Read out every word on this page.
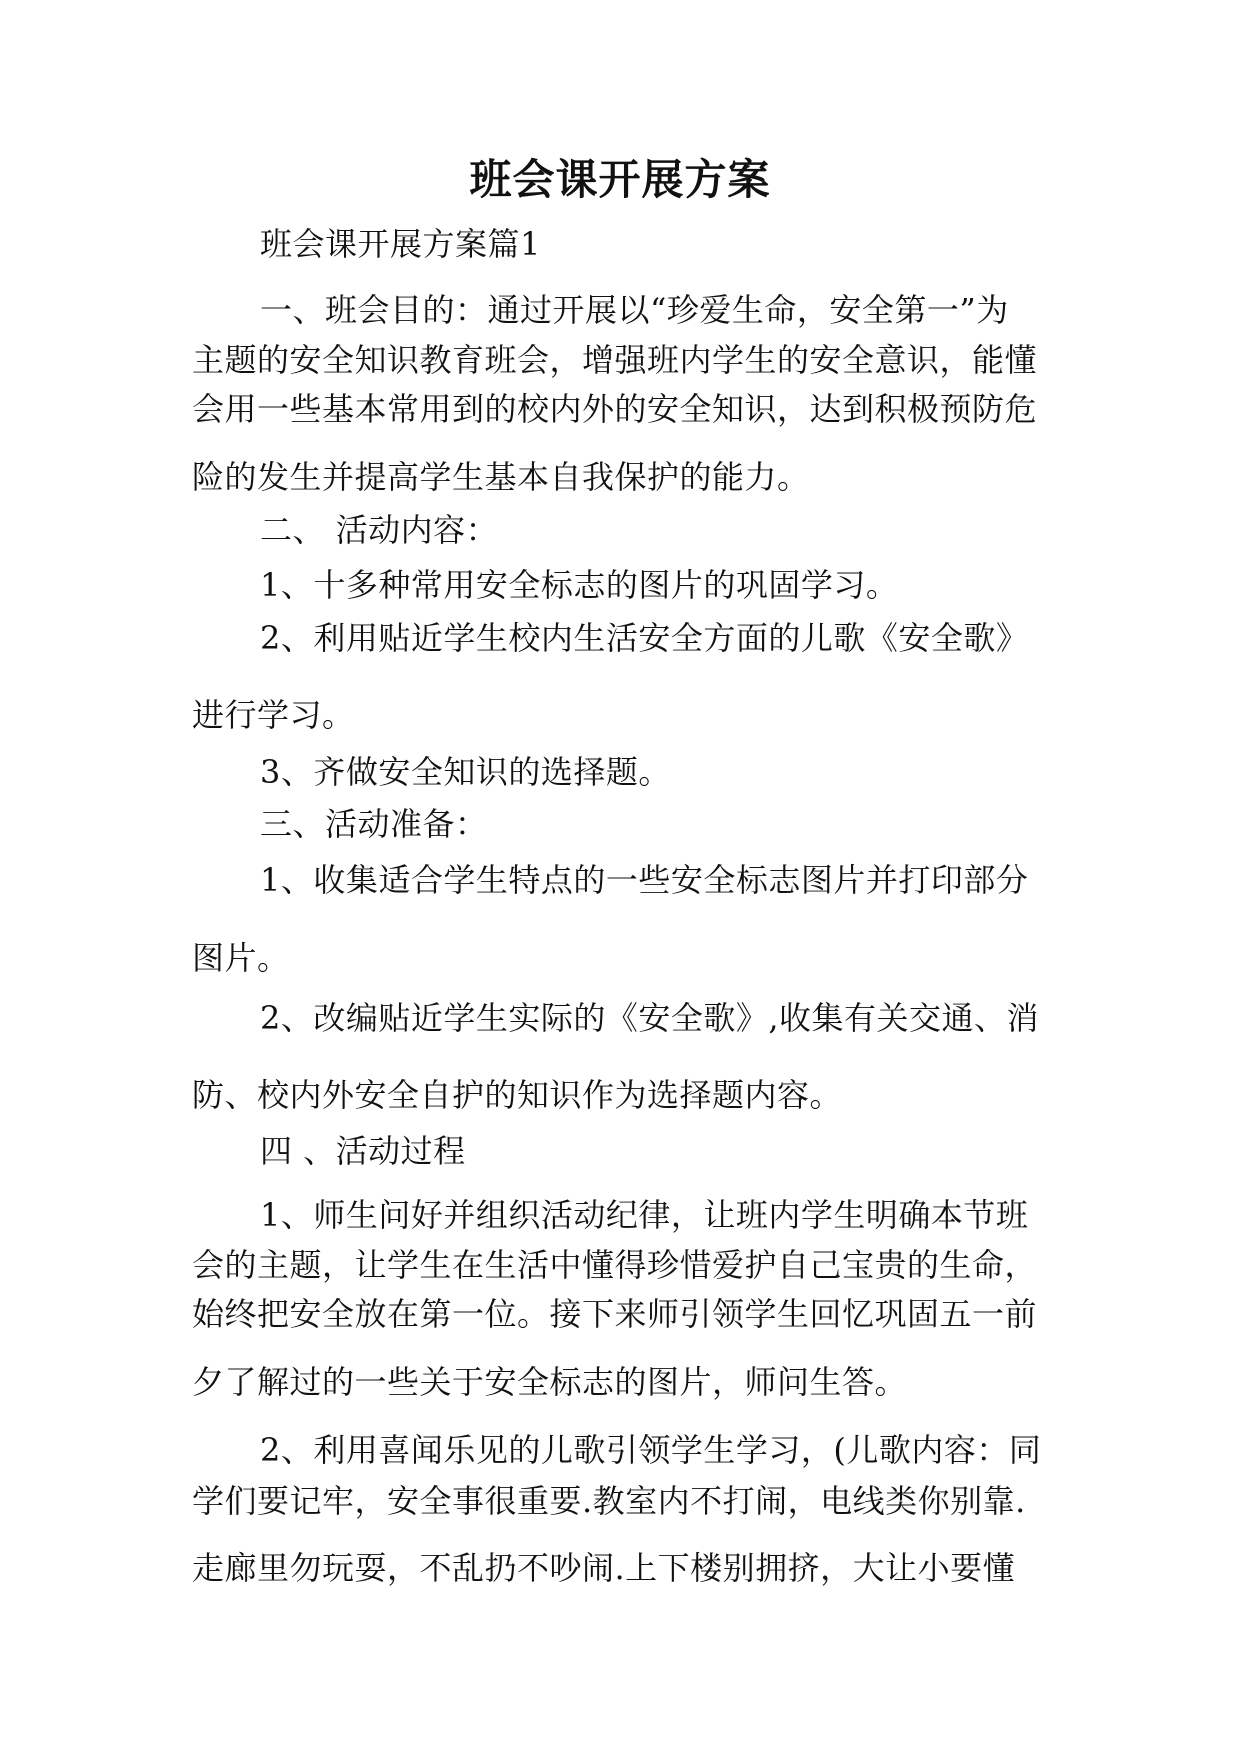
班会课开展方案
班会课开展方案篇1
一、班会目的：通过开展以“珍爱生命，安全第一”为
主题的安全知识教育班会，增强班内学生的安全意识，能懂
会用一些基本常用到的校内外的安全知识，达到积极预防危
险的发生并提高学生基本自我保护的能力。
二、 活动内容：
1、十多种常用安全标志的图片的巩固学习。
2、利用贴近学生校内生活安全方面的儿歌《安全歌》
进行学习。
3、齐做安全知识的选择题。
三、活动准备：
1、收集适合学生特点的一些安全标志图片并打印部分
图片。
2、改编贴近学生实际的《安全歌》,收集有关交通、消
防、校内外安全自护的知识作为选择题内容。
四 、活动过程
1、师生问好并组织活动纪律，让班内学生明确本节班
会的主题，让学生在生活中懂得珍惜爱护自己宝贵的生命，
始终把安全放在第一位。接下来师引领学生回忆巩固五一前
夕了解过的一些关于安全标志的图片，师问生答。
2、利用喜闻乐见的儿歌引领学生学习，(儿歌内容：同
学们要记牢，安全事很重要.教室内不打闹，电线类你别靠.
走廊里勿玩耍，不乱扔不吵闹.上下楼别拥挤，大让小要懂
